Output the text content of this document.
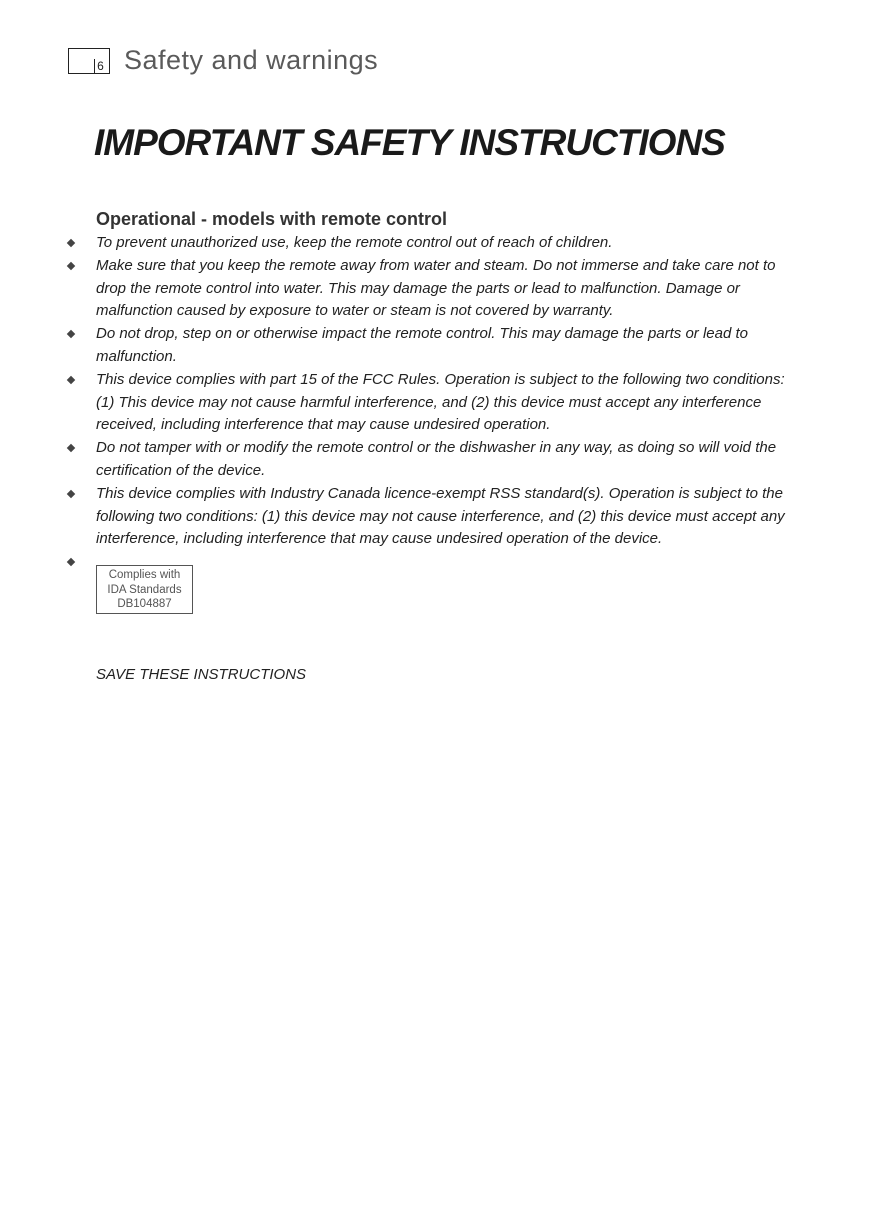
6 Safety and warnings
IMPORTANT SAFETY INSTRUCTIONS
Operational - models with remote control
To prevent unauthorized use, keep the remote control out of reach of children.
Make sure that you keep the remote away from water and steam. Do not immerse and take care not to drop the remote control into water. This may damage the parts or lead to malfunction. Damage or malfunction caused by exposure to water or steam is not covered by warranty.
Do not drop, step on or otherwise impact the remote control. This may damage the parts or lead to malfunction.
This device complies with part 15 of the FCC Rules. Operation is subject to the following two conditions: (1) This device may not cause harmful interference, and (2) this device must accept any interference received, including interference that may cause undesired operation.
Do not tamper with or modify the remote control or the dishwasher in any way, as doing so will void the certification of the device.
This device complies with Industry Canada licence-exempt RSS standard(s). Operation is subject to the following two conditions: (1) this device may not cause interference, and (2) this device must accept any interference, including interference that may cause undesired operation of the device.
Complies with
IDA Standards
DB104887
SAVE THESE INSTRUCTIONS
